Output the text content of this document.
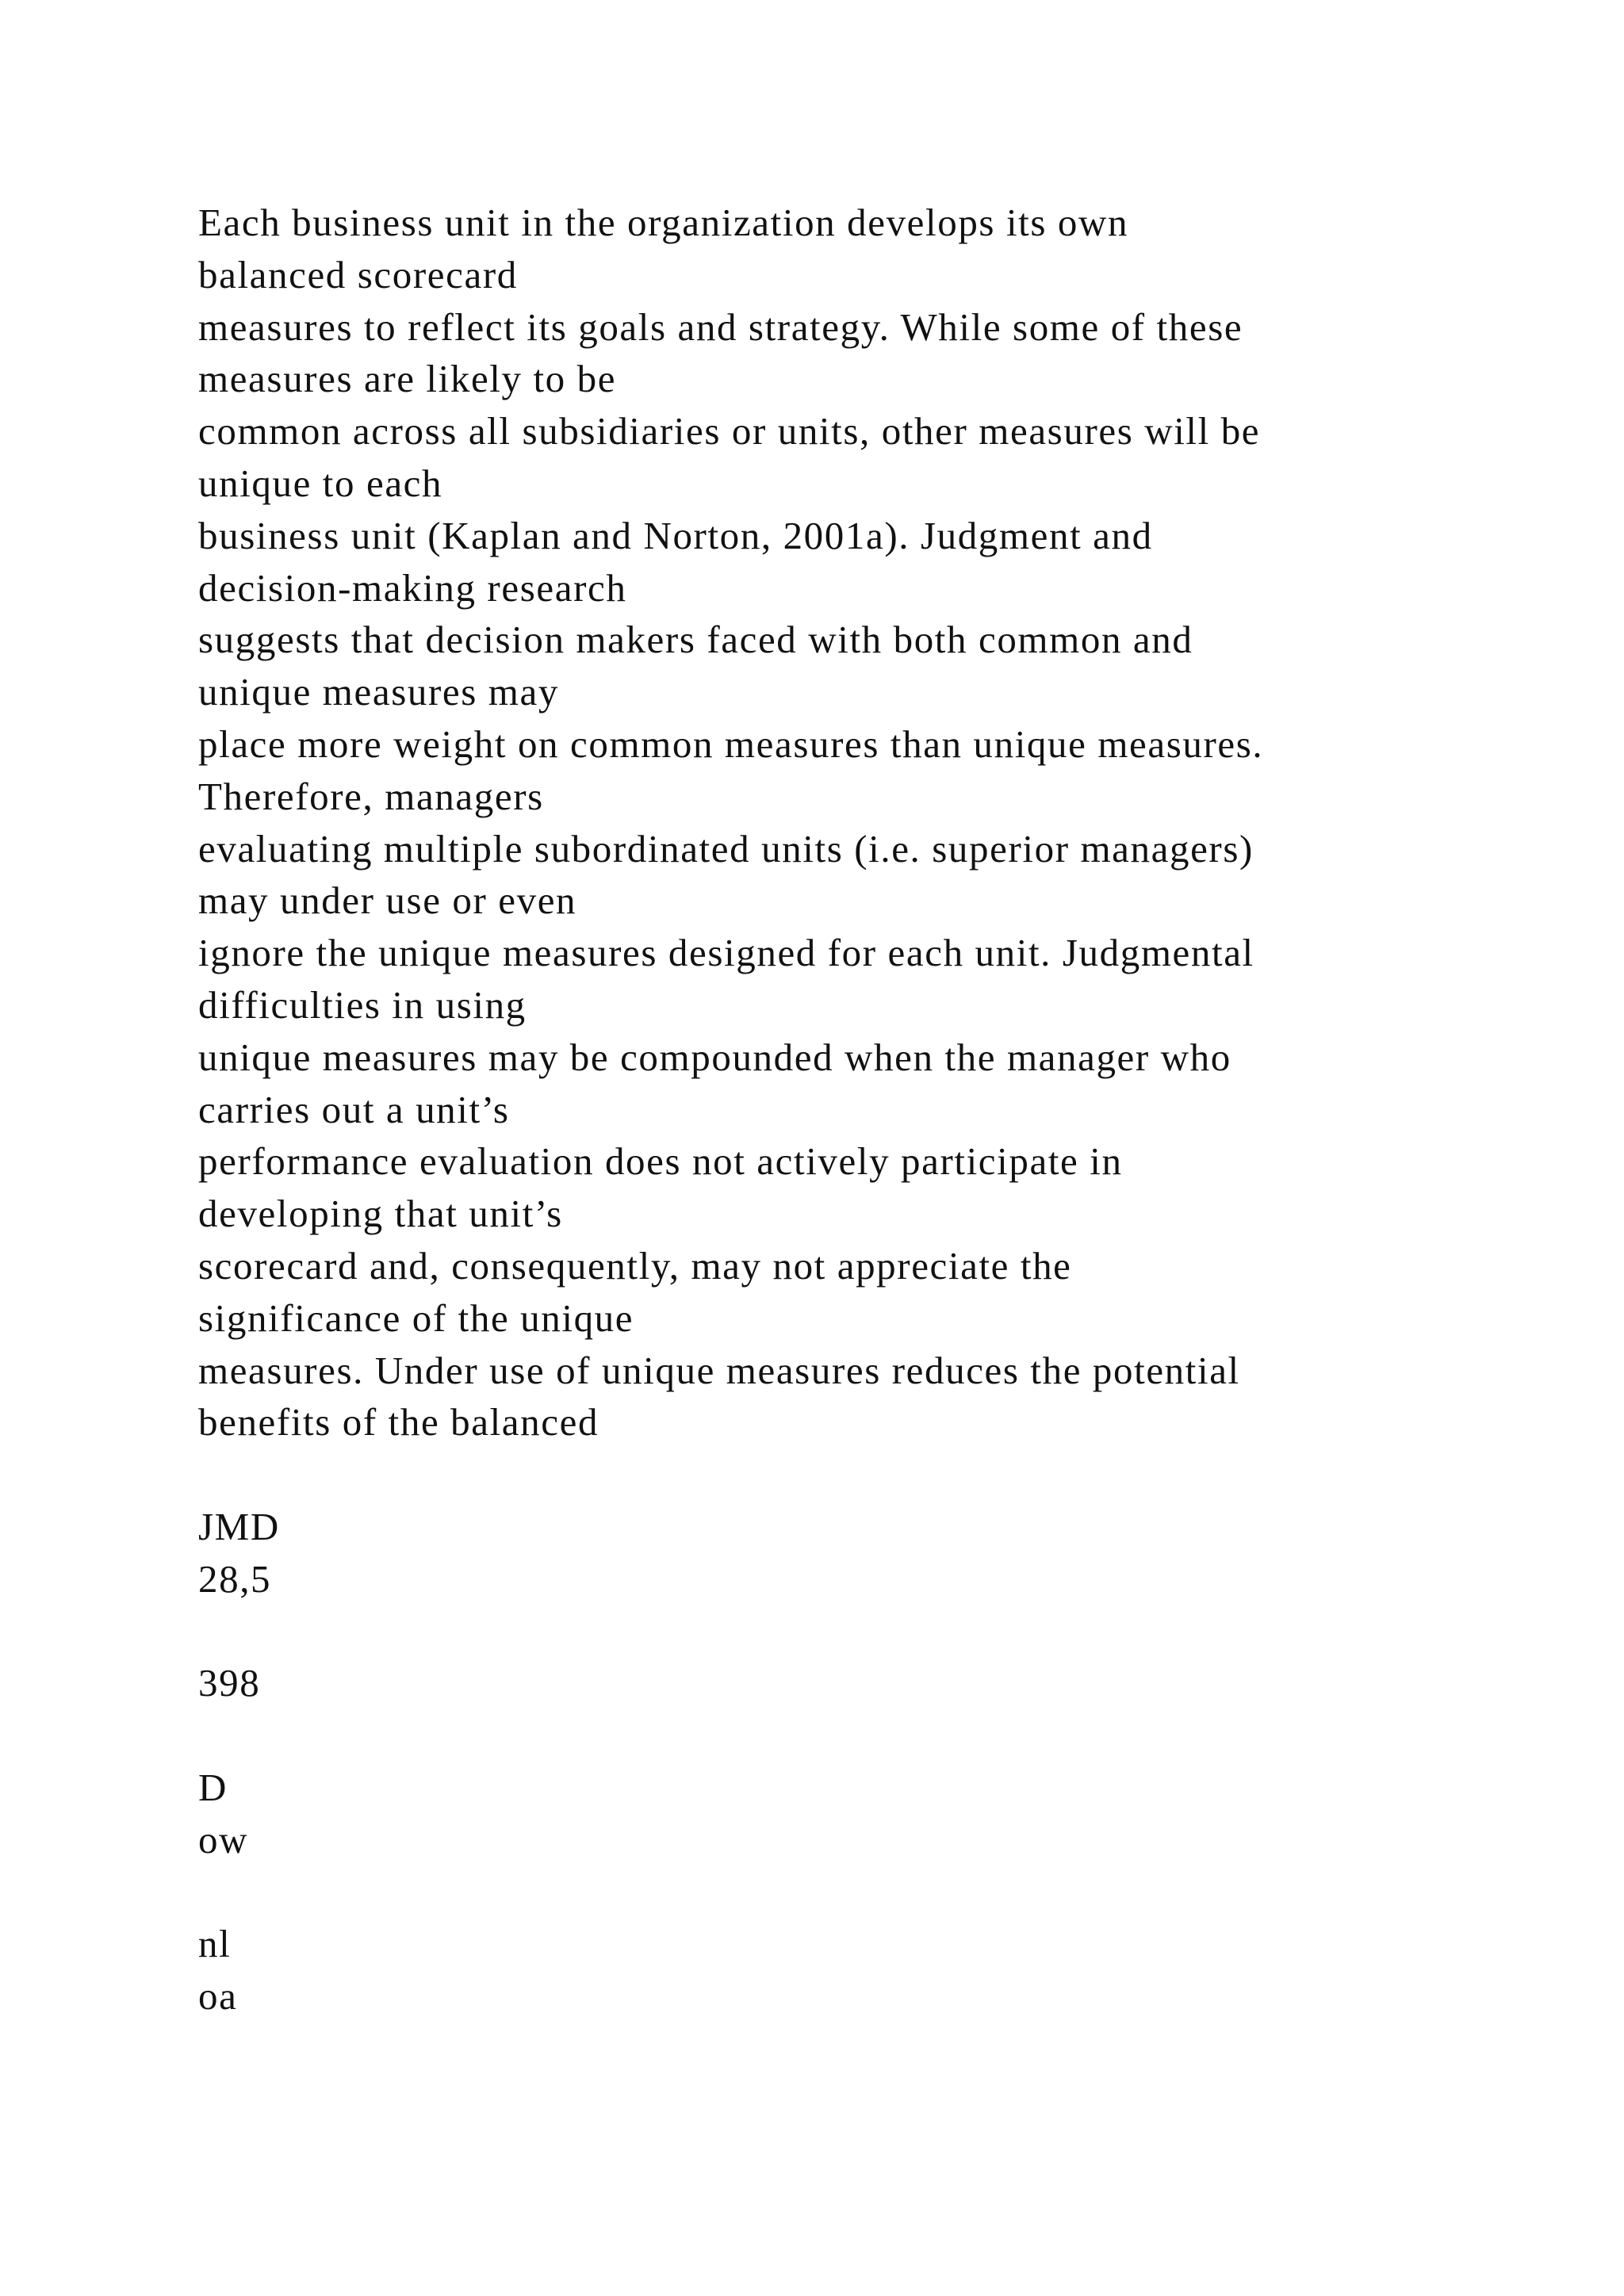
Each business unit in the organization develops its own
balanced scorecard
measures to reflect its goals and strategy. While some of these
measures are likely to be
common across all subsidiaries or units, other measures will be
unique to each
business unit (Kaplan and Norton, 2001a). Judgment and
decision-making research
suggests that decision makers faced with both common and
unique measures may
place more weight on common measures than unique measures.
Therefore, managers
evaluating multiple subordinated units (i.e. superior managers)
may under use or even
ignore the unique measures designed for each unit. Judgmental
difficulties in using
unique measures may be compounded when the manager who
carries out a unit’s
performance evaluation does not actively participate in
developing that unit’s
scorecard and, consequently, may not appreciate the
significance of the unique
measures. Under use of unique measures reduces the potential
benefits of the balanced
JMD
28,5
398
D
ow
nl
oa
